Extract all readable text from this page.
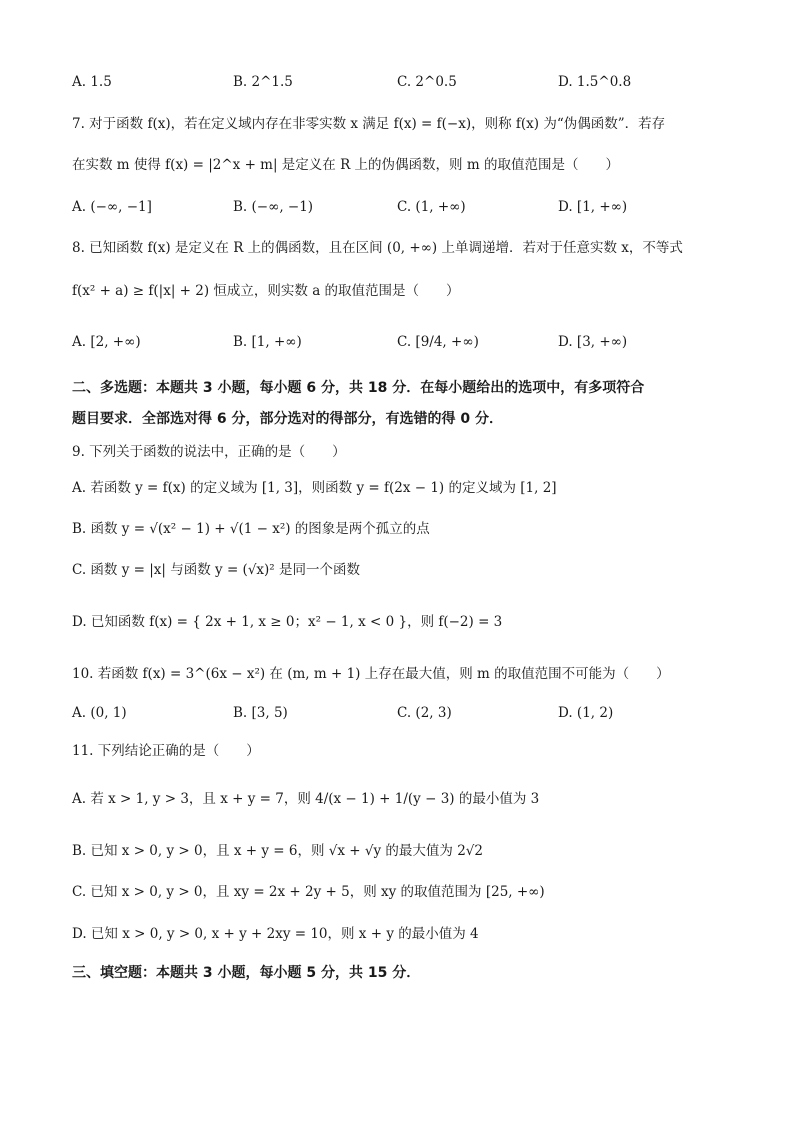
A. 1.5	B. 2^1.5	C. 2^0.5	D. 1.5^0.8
7. 对于函数 f(x)，若在定义域内存在非零实数 x 满足 f(x) = f(−x)，则称 f(x) 为“伪偶函数”．若存
在实数 m 使得 f(x) = |2^x + m| 是定义在 R 上的伪偶函数，则 m 的取值范围是（　　）
A. (−∞, −1]	B. (−∞, −1)	C. (1, +∞)	D. [1, +∞)
8. 已知函数 f(x) 是定义在 R 上的偶函数，且在区间 (0, +∞) 上单调递增．若对于任意实数 x，不等式
f(x² + a) ≥ f(|x| + 2) 恒成立，则实数 a 的取值范围是（　　）
A. [2, +∞)	B. [1, +∞)	C. [9/4, +∞)	D. [3, +∞)
二、多选题：本题共 3 小题，每小题 6 分，共 18 分．在每小题给出的选项中，有多项符合
题目要求．全部选对得 6 分，部分选对的得部分，有选错的得 0 分．
9. 下列关于函数的说法中，正确的是（　　）
A. 若函数 y = f(x) 的定义域为 [1, 3]，则函数 y = f(2x − 1) 的定义域为 [1, 2]
B. 函数 y = √(x² − 1) + √(1 − x²) 的图象是两个孤立的点
C. 函数 y = |x| 与函数 y = (√x)² 是同一个函数
D. 已知函数 f(x) = { 2x + 1, x ≥ 0；x² − 1, x < 0 }，则 f(−2) = 3
10. 若函数 f(x) = 3^(6x − x²) 在 (m, m + 1) 上存在最大值，则 m 的取值范围不可能为（　　）
A. (0, 1)	B. [3, 5)	C. (2, 3)	D. (1, 2)
11. 下列结论正确的是（　　）
A. 若 x > 1, y > 3，且 x + y = 7，则 4/(x − 1) + 1/(y − 3) 的最小值为 3
B. 已知 x > 0, y > 0，且 x + y = 6，则 √x + √y 的最大值为 2√2
C. 已知 x > 0, y > 0，且 xy = 2x + 2y + 5，则 xy 的取值范围为 [25, +∞)
D. 已知 x > 0, y > 0, x + y + 2xy = 10，则 x + y 的最小值为 4
三、填空题：本题共 3 小题，每小题 5 分，共 15 分．
